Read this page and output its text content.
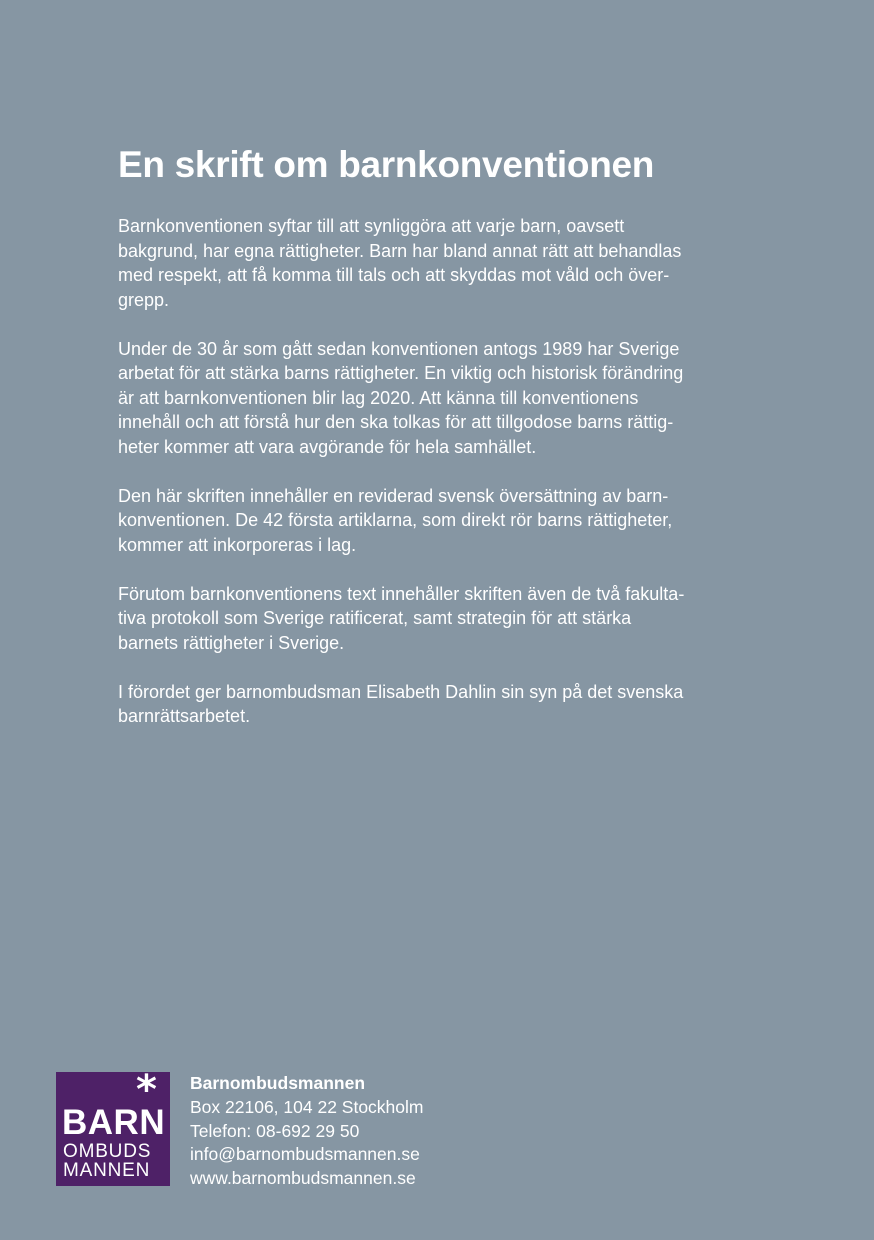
En skrift om barnkonventionen

Barnkonventionen syftar till att synliggöra att varje barn, oavsett
bakgrund, har egna rättigheter. Barn har bland annat rätt att behandlas
med respekt, att få komma till tals och att skyddas mot våld och över-
grepp.

Under de 30 år som gått sedan konventionen antogs 1989 har Sverige
arbetat för att stärka barns rättigheter. En viktig och historisk förändring
är att barnkonventionen blir lag 2020. Att känna till konventionens
innehåll och att förstå hur den ska tolkas för att tillgodose barns rättig-
heter kommer att vara avgörande för hela samhället.

Den här skriften innehåller en reviderad svensk översättning av barn-
konventionen. De 42 första artiklarna, som direkt rör barns rättigheter,
kommer att inkorporeras i lag.

Förutom barnkonventionens text innehåller skriften även de två fakulta-
tiva protokoll som Sverige ratificerat, samt strategin för att stärka
barnets rättigheter i Sverige.

I förordet ger barnombudsman Elisabeth Dahlin sin syn på det svenska
barnrättsarbetet.

*
BARN
OMBUDS
MANNEN
Barnombudsmannen
Box 22106, 104 22 Stockholm
Telefon: 08-692 29 50
info@barnombudsmannen.se
www.barnombudsmannen.se
